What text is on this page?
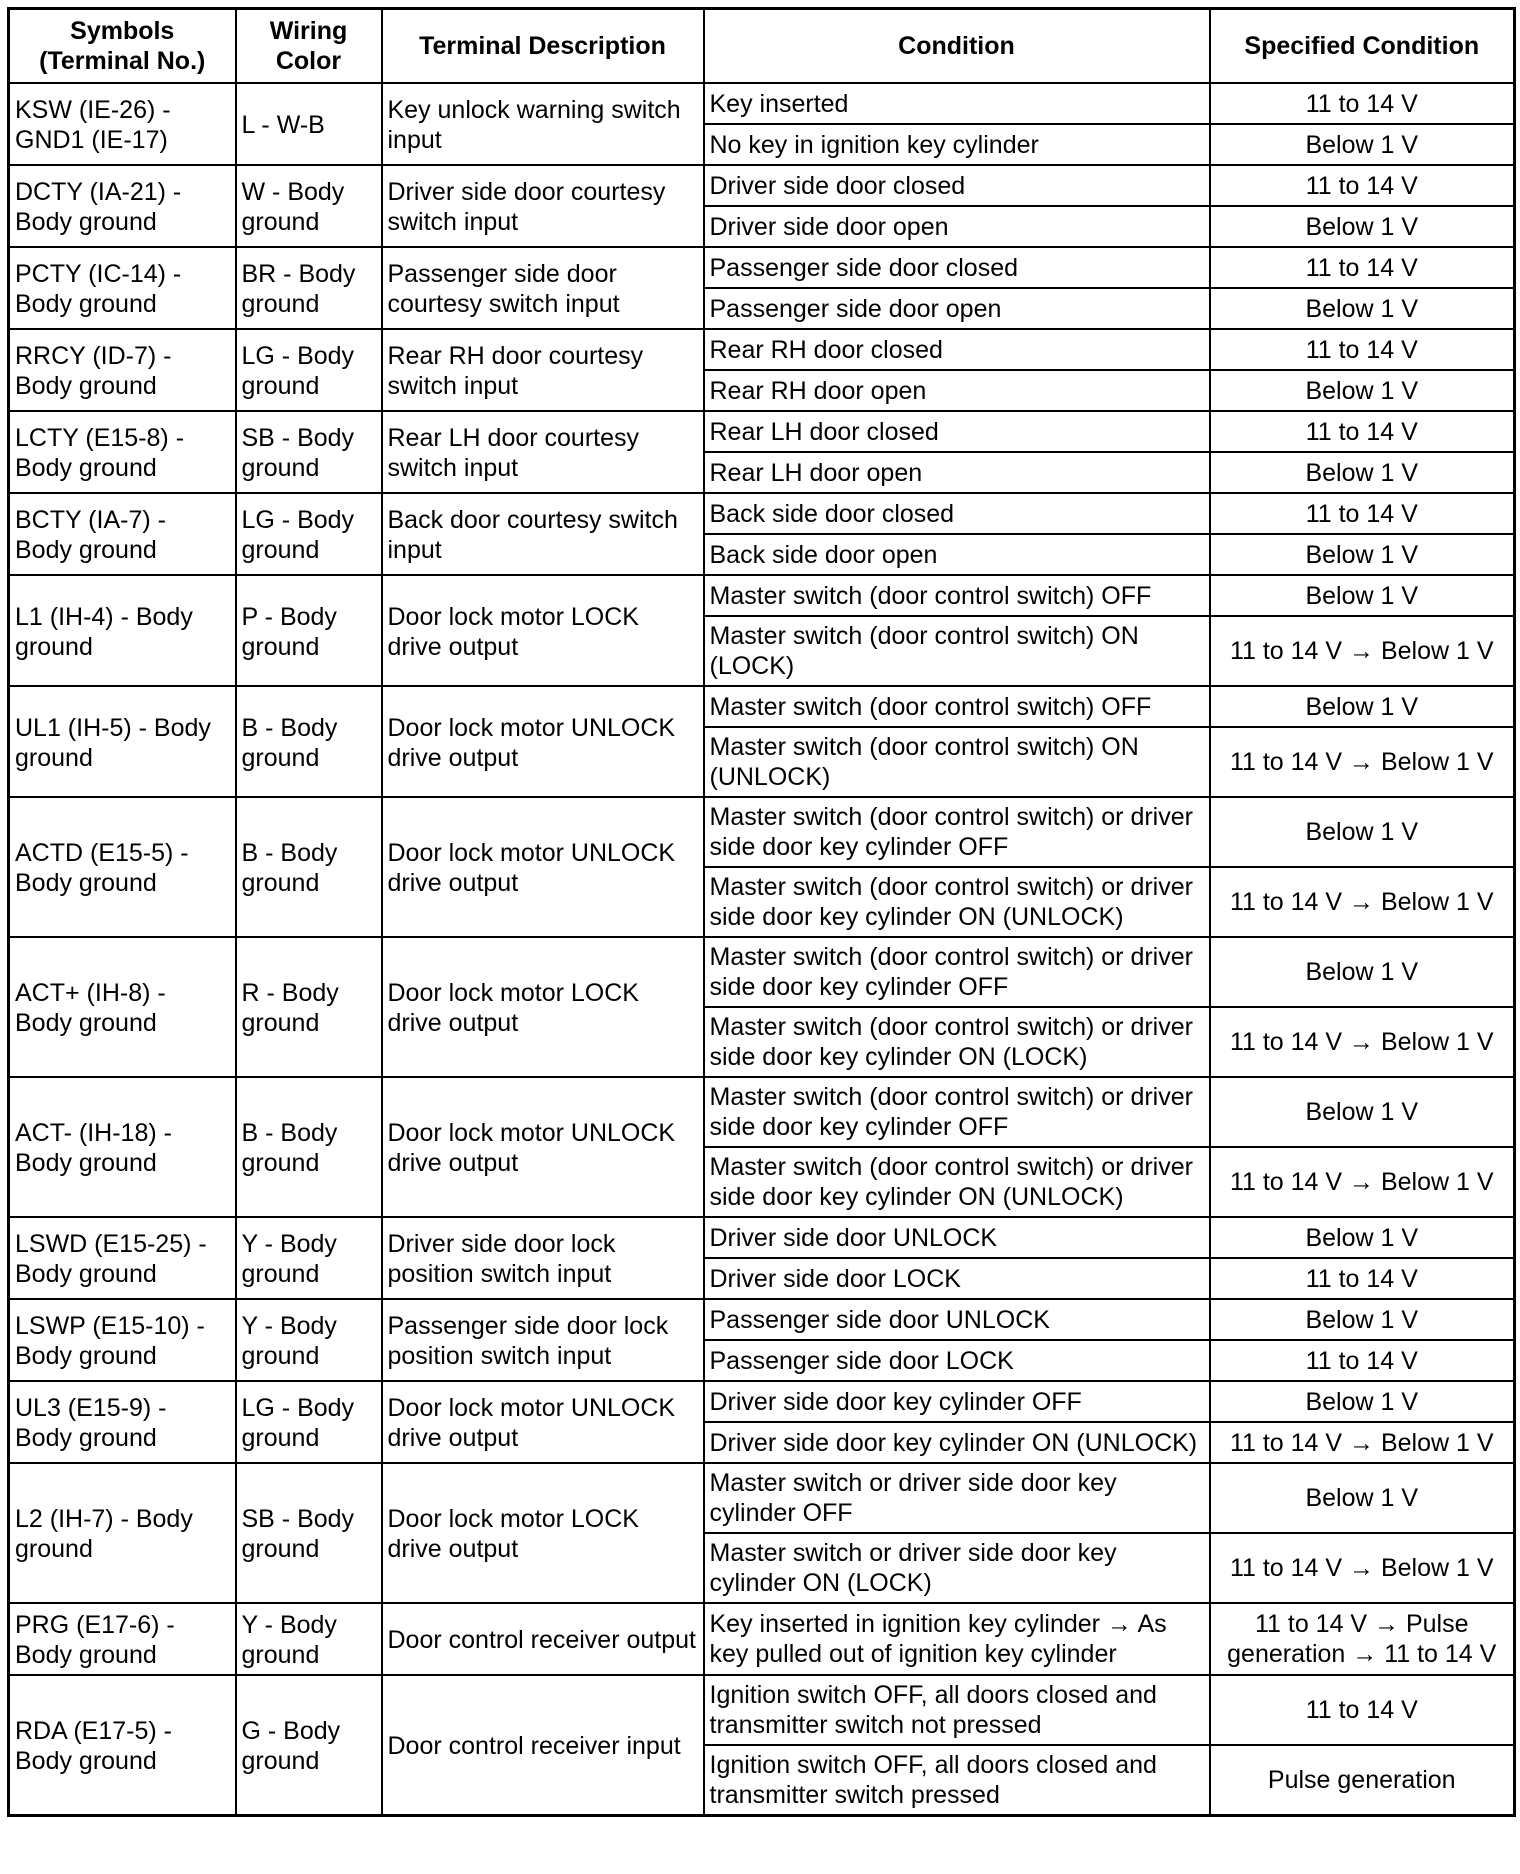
Symbols (Terminal No.)	Wiring Color	Terminal Description	Condition	Specified Condition
KSW (IE-26) - GND1 (IE-17)	L - W-B	Key unlock warning switch input	Key inserted	11 to 14 V
			No key in ignition key cylinder	Below 1 V
DCTY (IA-21) - Body ground	W - Body ground	Driver side door courtesy switch input	Driver side door closed	11 to 14 V
			Driver side door open	Below 1 V
PCTY (IC-14) - Body ground	BR - Body ground	Passenger side door courtesy switch input	Passenger side door closed	11 to 14 V
			Passenger side door open	Below 1 V
RRCY (ID-7) - Body ground	LG - Body ground	Rear RH door courtesy switch input	Rear RH door closed	11 to 14 V
			Rear RH door open	Below 1 V
LCTY (E15-8) - Body ground	SB - Body ground	Rear LH door courtesy switch input	Rear LH door closed	11 to 14 V
			Rear LH door open	Below 1 V
BCTY (IA-7) - Body ground	LG - Body ground	Back door courtesy switch input	Back side door closed	11 to 14 V
			Back side door open	Below 1 V
L1 (IH-4) - Body ground	P - Body ground	Door lock motor LOCK drive output	Master switch (door control switch) OFF	Below 1 V
			Master switch (door control switch) ON (LOCK)	11 to 14 V → Below 1 V
UL1 (IH-5) - Body ground	B - Body ground	Door lock motor UNLOCK drive output	Master switch (door control switch) OFF	Below 1 V
			Master switch (door control switch) ON (UNLOCK)	11 to 14 V → Below 1 V
ACTD (E15-5) - Body ground	B - Body ground	Door lock motor UNLOCK drive output	Master switch (door control switch) or driver side door key cylinder OFF	Below 1 V
			Master switch (door control switch) or driver side door key cylinder ON (UNLOCK)	11 to 14 V → Below 1 V
ACT+ (IH-8) - Body ground	R - Body ground	Door lock motor LOCK drive output	Master switch (door control switch) or driver side door key cylinder OFF	Below 1 V
			Master switch (door control switch) or driver side door key cylinder ON (LOCK)	11 to 14 V → Below 1 V
ACT- (IH-18) - Body ground	B - Body ground	Door lock motor UNLOCK drive output	Master switch (door control switch) or driver side door key cylinder OFF	Below 1 V
			Master switch (door control switch) or driver side door key cylinder ON (UNLOCK)	11 to 14 V → Below 1 V
LSWD (E15-25) - Body ground	Y - Body ground	Driver side door lock position switch input	Driver side door UNLOCK	Below 1 V
			Driver side door LOCK	11 to 14 V
LSWP (E15-10) - Body ground	Y - Body ground	Passenger side door lock position switch input	Passenger side door UNLOCK	Below 1 V
			Passenger side door LOCK	11 to 14 V
UL3 (E15-9) - Body ground	LG - Body ground	Door lock motor UNLOCK drive output	Driver side door key cylinder OFF	Below 1 V
			Driver side door key cylinder ON (UNLOCK)	11 to 14 V → Below 1 V
L2 (IH-7) - Body ground	SB - Body ground	Door lock motor LOCK drive output	Master switch or driver side door key cylinder OFF	Below 1 V
			Master switch or driver side door key cylinder ON (LOCK)	11 to 14 V → Below 1 V
PRG (E17-6) - Body ground	Y - Body ground	Door control receiver output	Key inserted in ignition key cylinder → As key pulled out of ignition key cylinder	11 to 14 V → Pulse generation → 11 to 14 V
RDA (E17-5) - Body ground	G - Body ground	Door control receiver input	Ignition switch OFF, all doors closed and transmitter switch not pressed	11 to 14 V
			Ignition switch OFF, all doors closed and transmitter switch pressed	Pulse generation
